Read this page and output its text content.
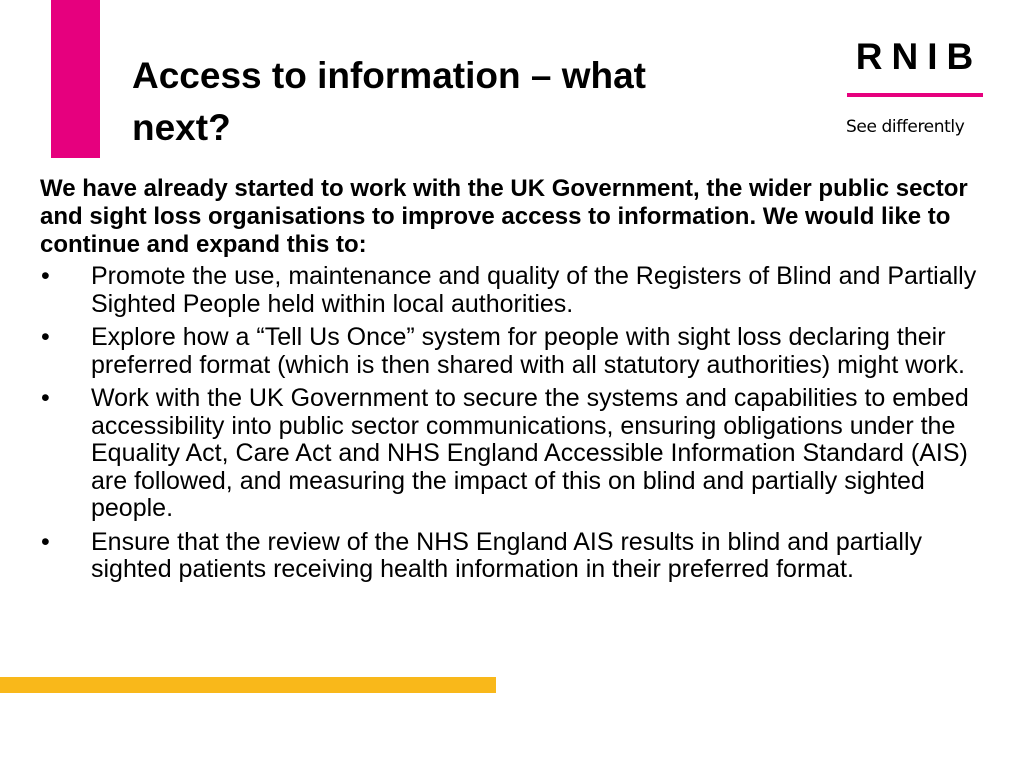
Access to information – what next?
RNIB
See differently

We have already started to work with the UK Government, the wider public sector and sight loss organisations to improve access to information. We would like to continue and expand this to:

•	Promote the use, maintenance and quality of the Registers of Blind and Partially Sighted People held within local authorities.
•	Explore how a “Tell Us Once” system for people with sight loss declaring their preferred format (which is then shared with all statutory authorities) might work.
•	Work with the UK Government to secure the systems and capabilities to embed accessibility into public sector communications, ensuring obligations under the Equality Act, Care Act and NHS England Accessible Information Standard (AIS) are followed, and measuring the impact of this on blind and partially sighted people.
•	Ensure that the review of the NHS England AIS results in blind and partially sighted patients receiving health information in their preferred format.
